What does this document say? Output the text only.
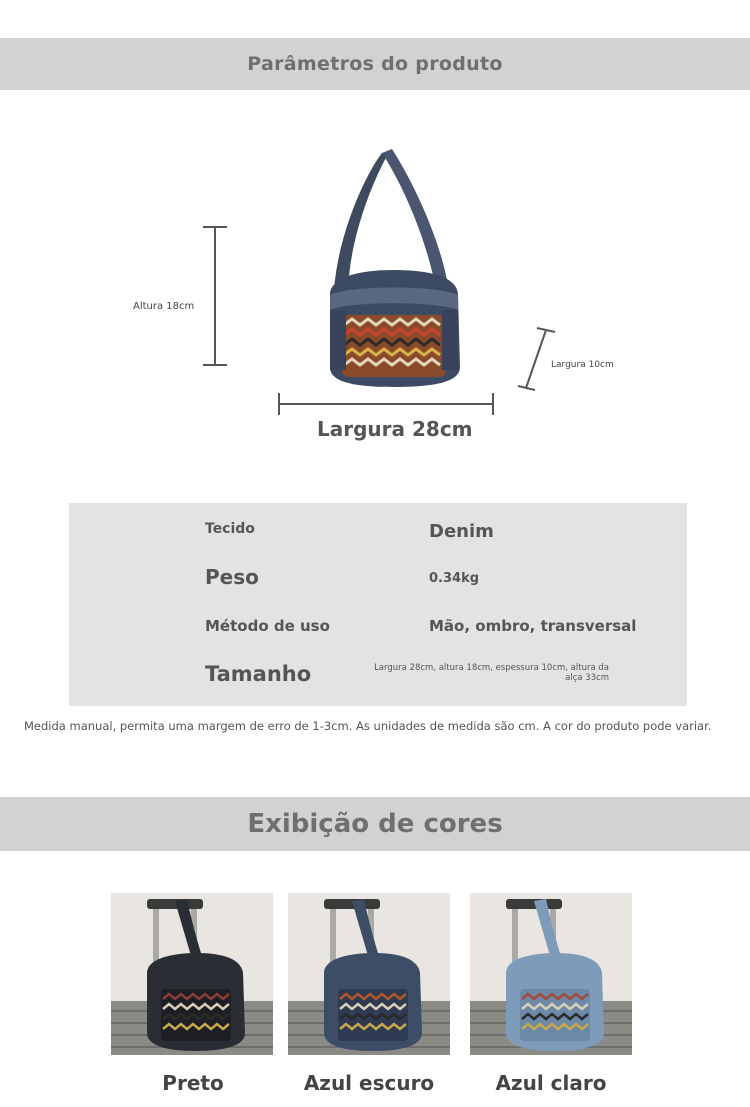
Parâmetros do produto
Altura 18cm
Largura 10cm
Largura 28cm
Tecido	Denim
Peso	0.34kg
Método de uso	Mão, ombro, transversal
Tamanho	Largura 28cm, altura 18cm, espessura 10cm, altura da alça 33cm
Medida manual, permita uma margem de erro de 1-3cm. As unidades de medida são cm. A cor do produto pode variar.
Exibição de cores
Preto	Azul escuro	Azul claro
